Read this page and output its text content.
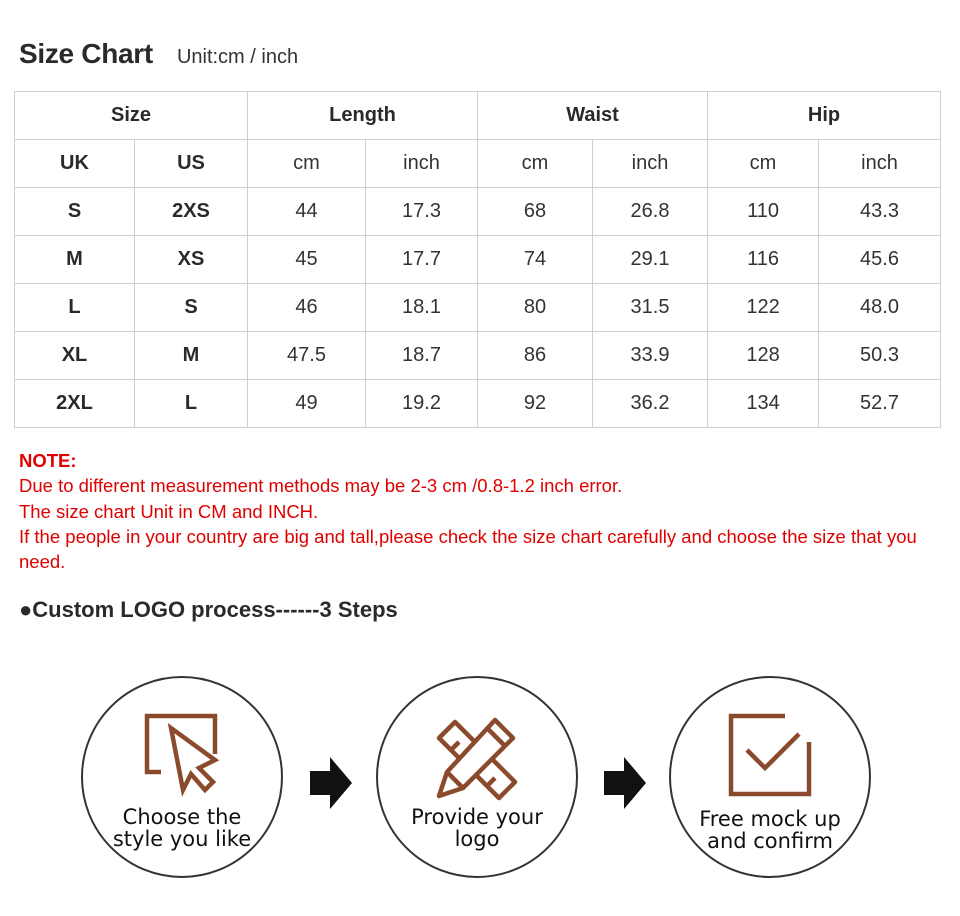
Size Chart Unit:cm / inch
Size		Length		Waist		Hip	
UK	US	cm	inch	cm	inch	cm	inch
S	2XS	44	17.3	68	26.8	110	43.3
M	XS	45	17.7	74	29.1	116	45.6
L	S	46	18.1	80	31.5	122	48.0
XL	M	47.5	18.7	86	33.9	128	50.3
2XL	L	49	19.2	92	36.2	134	52.7
NOTE:
Due to different measurement methods may be 2-3 cm /0.8-1.2 inch error.
The size chart Unit in CM and INCH.
If the people in your country are big and tall,please check the size chart carefully and choose the size that you need.
●Custom LOGO process------3 Steps
Choose the
style you like
Provide your
logo
Free mock up
and confirm
